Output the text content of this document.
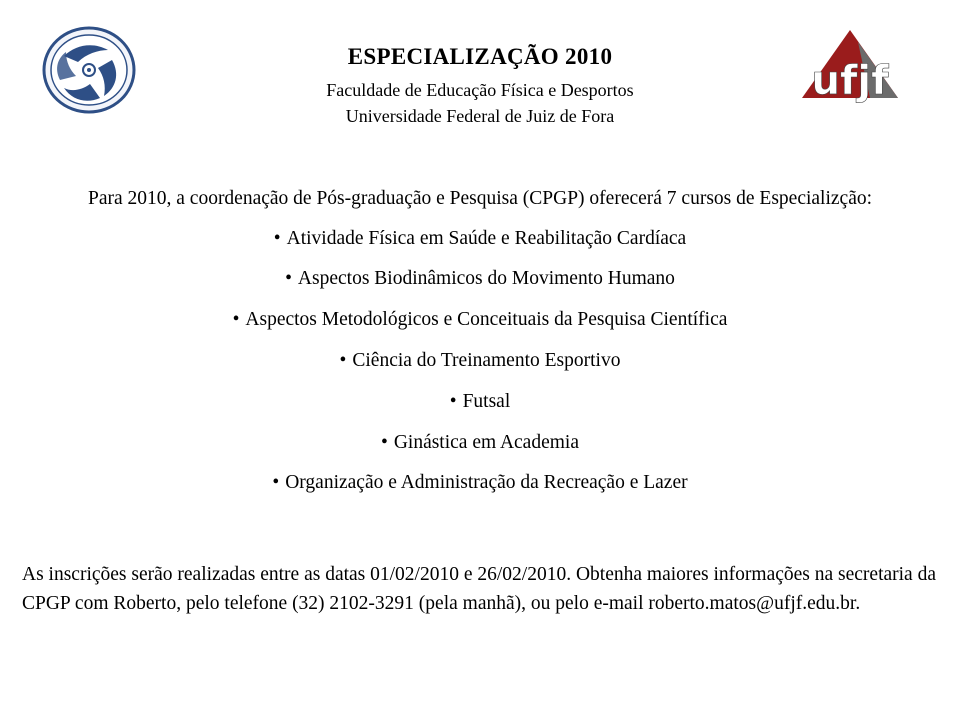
ESPECIALIZAÇÃO 2010
Faculdade de Educação Física e Desportos
Universidade Federal de Juiz de Fora
ufjf
Para 2010, a coordenação de Pós-graduação e Pesquisa (CPGP) oferecerá 7 cursos de Especializção:
• Atividade Física em Saúde e Reabilitação Cardíaca
• Aspectos Biodinâmicos do Movimento Humano
• Aspectos Metodológicos e Conceituais da Pesquisa Científica
• Ciência do Treinamento Esportivo
• Futsal
• Ginástica em Academia
• Organização e Administração da Recreação e Lazer
As inscrições serão realizadas entre as datas 01/02/2010 e 26/02/2010. Obtenha maiores informações na secretaria da CPGP com Roberto, pelo telefone (32) 2102-3291 (pela manhã), ou pelo e-mail roberto.matos@ufjf.edu.br.
